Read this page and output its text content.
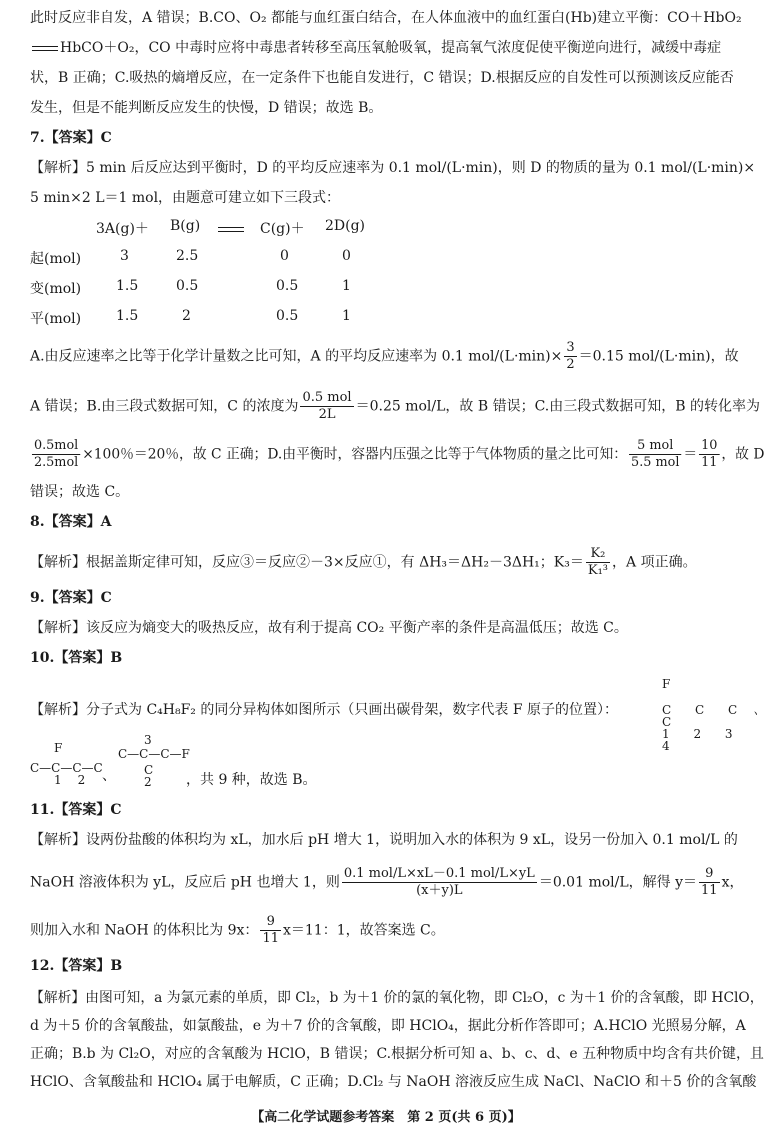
此时反应非自发，A 错误；B.CO、O₂ 都能与血红蛋白结合，在人体血液中的血红蛋白(Hb)建立平衡：CO＋HbO₂
HbCO＋O₂，CO 中毒时应将中毒患者转移至高压氧舱吸氧，提高氧气浓度促使平衡逆向进行，减缓中毒症
状，B 正确；C.吸热的熵增反应，在一定条件下也能自发进行，C 错误；D.根据反应的自发性可以预测该反应能否
发生，但是不能判断反应发生的快慢，D 错误；故选 B。
7.【答案】C
【解析】5 min 后反应达到平衡时，D 的平均反应速率为 0.1 mol/(L·min)，则 D 的物质的量为 0.1 mol/(L·min)×
5 min×2 L＝1 mol，由题意可建立如下三段式：
3A(g)＋ B(g)	C(g)＋ 2D(g)
起(mol)	3	2.5	0	0
变(mol) 1.5	0.5	0.5	1
平(mol) 1.5	2	0.5	1
A.由反应速率之比等于化学计量数之比可知，A 的平均反应速率为 0.1 $mol/(L\cdot\min)\times \frac{3}{2} =0.15$ mol/(L·min)，故
A 错误；B.由三段式数据可知，C 的浓度为 $\frac{\text{0.5 mol}}{2L} =0.25$ mol/L，故 B 错误；C.由三段式数据可知，B 的转化率为
$\frac{\text{0.5mol}}{\text{2.5mol}} \times 100$％＝20％，故 C 正确；D.由平衡时，容器内压强之比等于气体物质的量之比可知： $\frac{\text{5 mol}}{\text{5.5 mol}} = \frac{10}{11}$ ，故 D
错误；故选 C。
8.【答案】A
【解析】根据盖斯定律可知，反应③＝反应②－3×反应①，有 ΔH₃＝ΔH₂－3ΔH₁；$K_3= \frac{\text{K₂}}{\text{K₁³}}$ ，A 项正确。
9.【答案】C
【解析】该反应为熵变大的吸热反应，故有利于提高 CO₂ 平衡产率的条件是高温低压；故选 C。
10.【答案】B
【解析】分子式为 C₄H₈F₂ 的同分异构体如图所示（只画出碳骨架，数字代表 F 原子的位置）：
F
C C C C
1 2 3 4
、
F
C—C—C—C
1 2	、
3
C—C—C—F
C
2	，共 9 种，故选 B。
11.【答案】C
【解析】设两份盐酸的体积均为 xL，加水后 pH 增大 1，说明加入水的体积为 9 xL，设另一份加入 0.1 mol/L 的
NaOH 溶液体积为 yL，反应后 pH 也增大 1，则 $\frac{\text{0.1 mol/L×xL－0.1 mol/L×yL}}{(x+y)L} =0.01$ mol/L，解得 $y= \frac{9}{11}$ x，
则加入水和 NaOH 的体积比为 9x： $\frac{9}{11} x=11$：1，故答案选 C。
12.【答案】B
【解析】由图可知，a 为氯元素的单质，即 Cl₂，b 为＋1 价的氯的氧化物，即 Cl₂O，c 为＋1 价的含氧酸，即 HClO，
d 为＋5 价的含氧酸盐，如氯酸盐，e 为＋7 价的含氧酸，即 HClO₄，据此分析作答即可；A.HClO 光照易分解，A
正确；B.b 为 Cl₂O，对应的含氧酸为 HClO，B 错误；C.根据分析可知 a、b、c、d、e 五种物质中均含有共价键，且
HClO、含氧酸盐和 HClO₄ 属于电解质，C 正确；D.Cl₂ 与 NaOH 溶液反应生成 NaCl、NaClO 和＋5 价的含氧酸
【高二化学试题参考答案　第 2 页(共 6 页)】
